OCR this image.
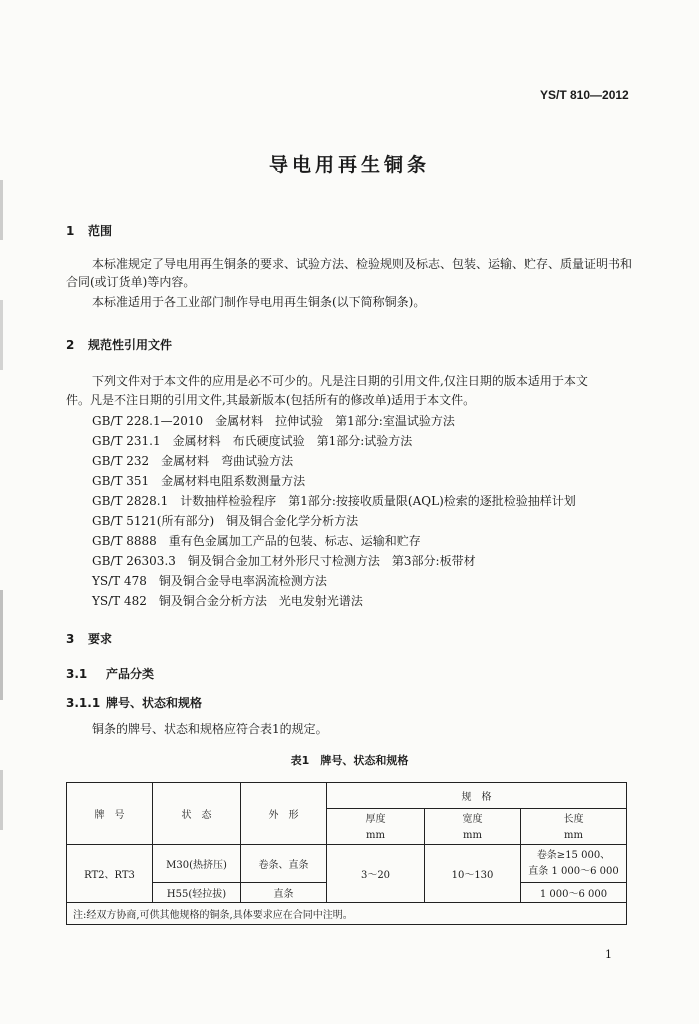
YS/T 810—2012
导电用再生铜条
1 范围
本标准规定了导电用再生铜条的要求、试验方法、检验规则及标志、包装、运输、贮存、质量证明书和
合同(或订货单)等内容。
本标准适用于各工业部门制作导电用再生铜条(以下简称铜条)。
2 规范性引用文件
下列文件对于本文件的应用是必不可少的。凡是注日期的引用文件,仅注日期的版本适用于本文
件。凡是不注日期的引用文件,其最新版本(包括所有的修改单)适用于本文件。
GB/T 228.1—2010　金属材料　拉伸试验　第1部分:室温试验方法
GB/T 231.1　金属材料　布氏硬度试验　第1部分:试验方法
GB/T 232　金属材料　弯曲试验方法
GB/T 351　金属材料电阻系数测量方法
GB/T 2828.1　计数抽样检验程序　第1部分:按接收质量限(AQL)检索的逐批检验抽样计划
GB/T 5121(所有部分)　铜及铜合金化学分析方法
GB/T 8888　重有色金属加工产品的包装、标志、运输和贮存
GB/T 26303.3　铜及铜合金加工材外形尺寸检测方法　第3部分:板带材
YS/T 478　铜及铜合金导电率涡流检测方法
YS/T 482　铜及铜合金分析方法　光电发射光谱法
3 要求
3.1 产品分类
3.1.1 牌号、状态和规格
铜条的牌号、状态和规格应符合表1的规定。
表1　牌号、状态和规格
牌　号	状　态	外　形	规　格		
			厚度	宽度	长度
			mm	mm	mm
RT2、RT3	M30(热挤压)	卷条、直条	3～20	10～130	卷条≥15 000、
直条 1 000～6 000

	H55(轻拉拔)	直条			1 000～6 000
注:经双方协商,可供其他规格的铜条,具体要求应在合同中注明。					
1
